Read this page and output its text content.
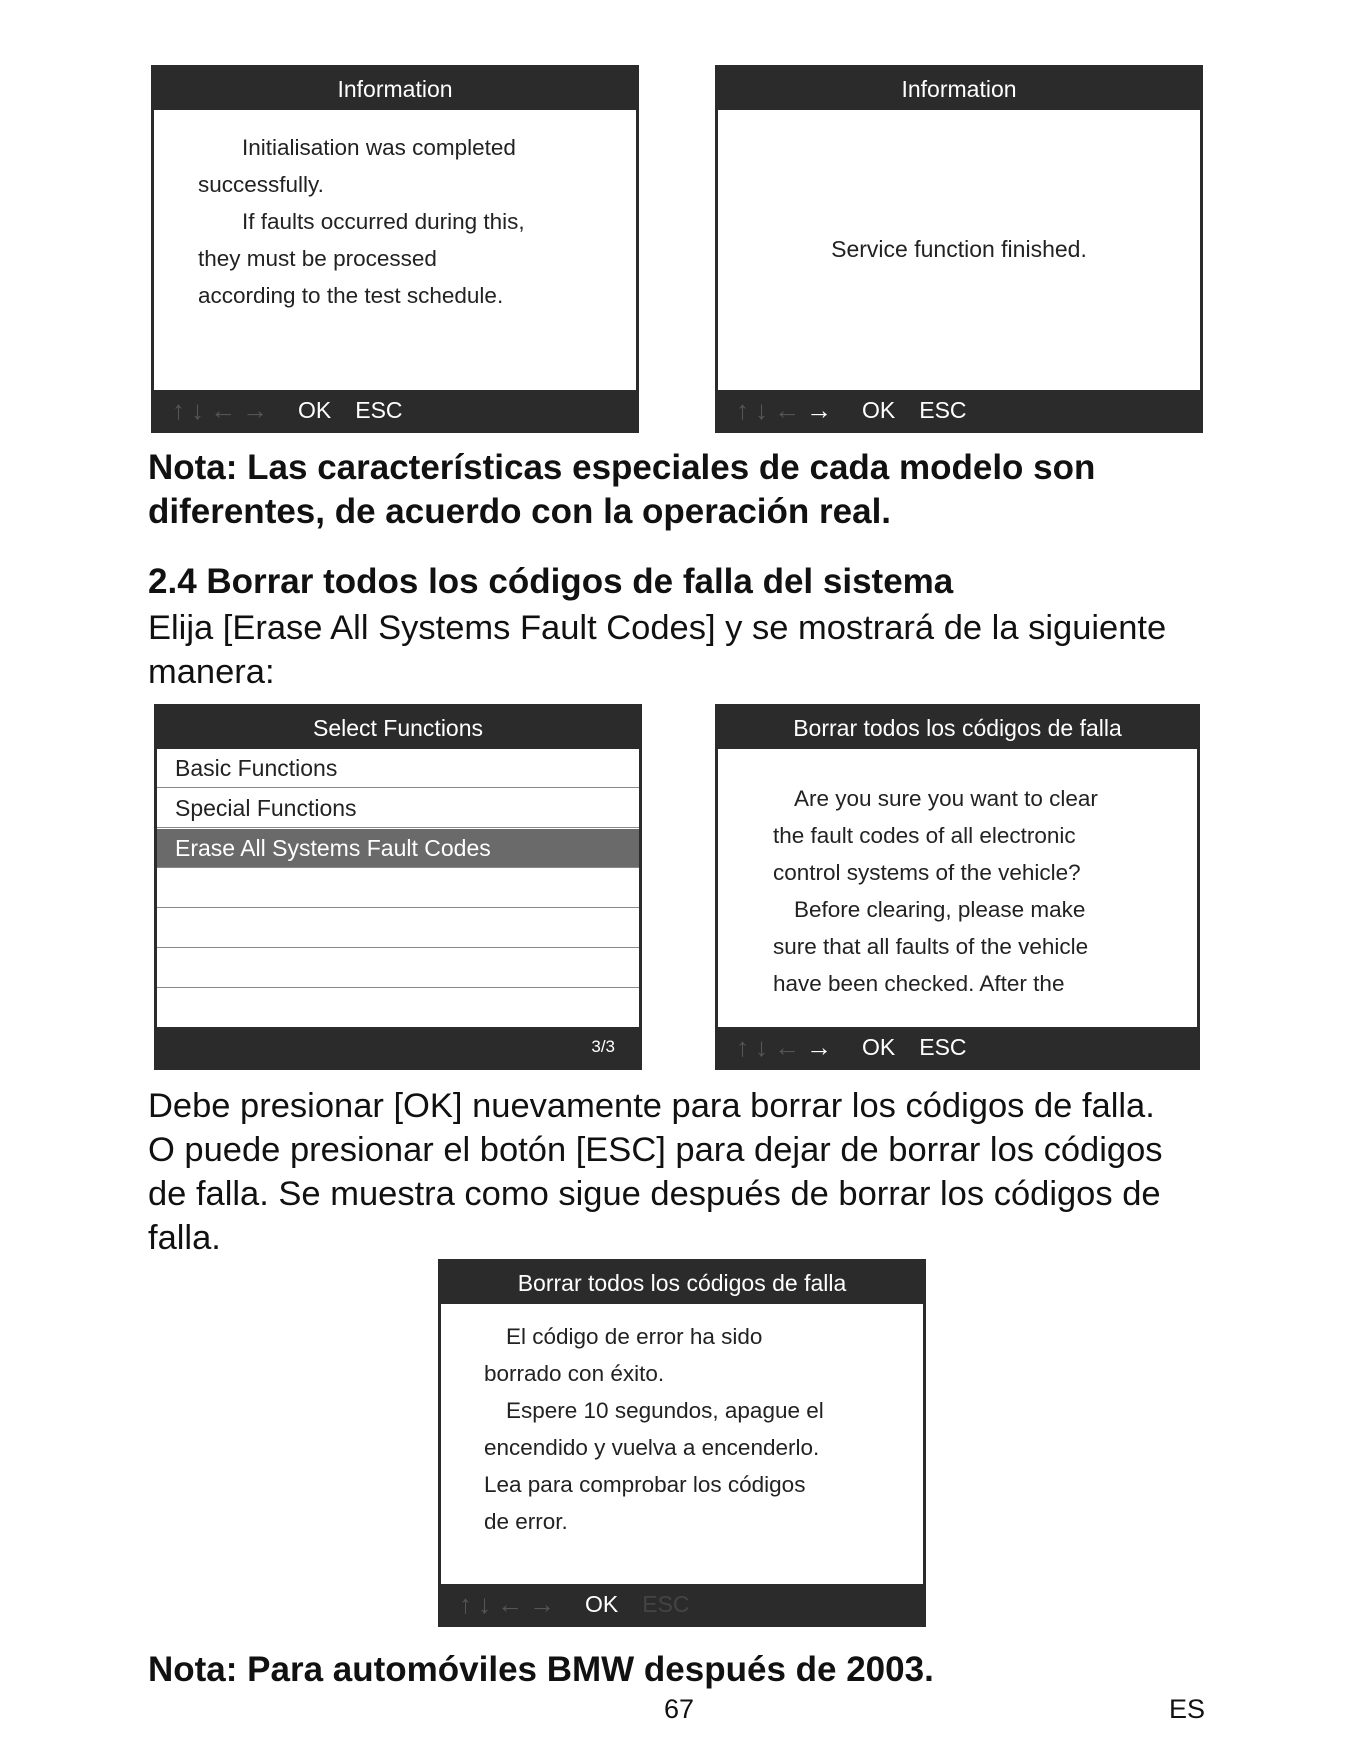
Information
Initialisation was completed
successfully.
If faults occurred during this,
they must be processed
according to the test schedule.
↑ ↓ ← → OK ESC
Information
Service function finished.
↑ ↓ ← → OK ESC
Nota: Las características especiales de cada modelo son
diferentes, de acuerdo con la operación real.
2.4 Borrar todos los códigos de falla del sistema
Elija [Erase All Systems Fault Codes] y se mostrará de la siguiente
manera:
Select Functions
Basic Functions
Special Functions
Erase All Systems Fault Codes
3/3
Borrar todos los códigos de falla
Are you sure you want to clear
the fault codes of all electronic
control systems of the vehicle?
Before clearing, please make
sure that all faults of the vehicle
have been checked. After the
↑ ↓ ← → OK ESC
Debe presionar [OK] nuevamente para borrar los códigos de falla.
O puede presionar el botón [ESC] para dejar de borrar los códigos
de falla. Se muestra como sigue después de borrar los códigos de
falla.
Borrar todos los códigos de falla
El código de error ha sido
borrado con éxito.
Espere 10 segundos, apague el
encendido y vuelva a encenderlo.
Lea para comprobar los códigos
de error.
↑ ↓ ← → OK ESC
Nota: Para automóviles BMW después de 2003.
67	ES
